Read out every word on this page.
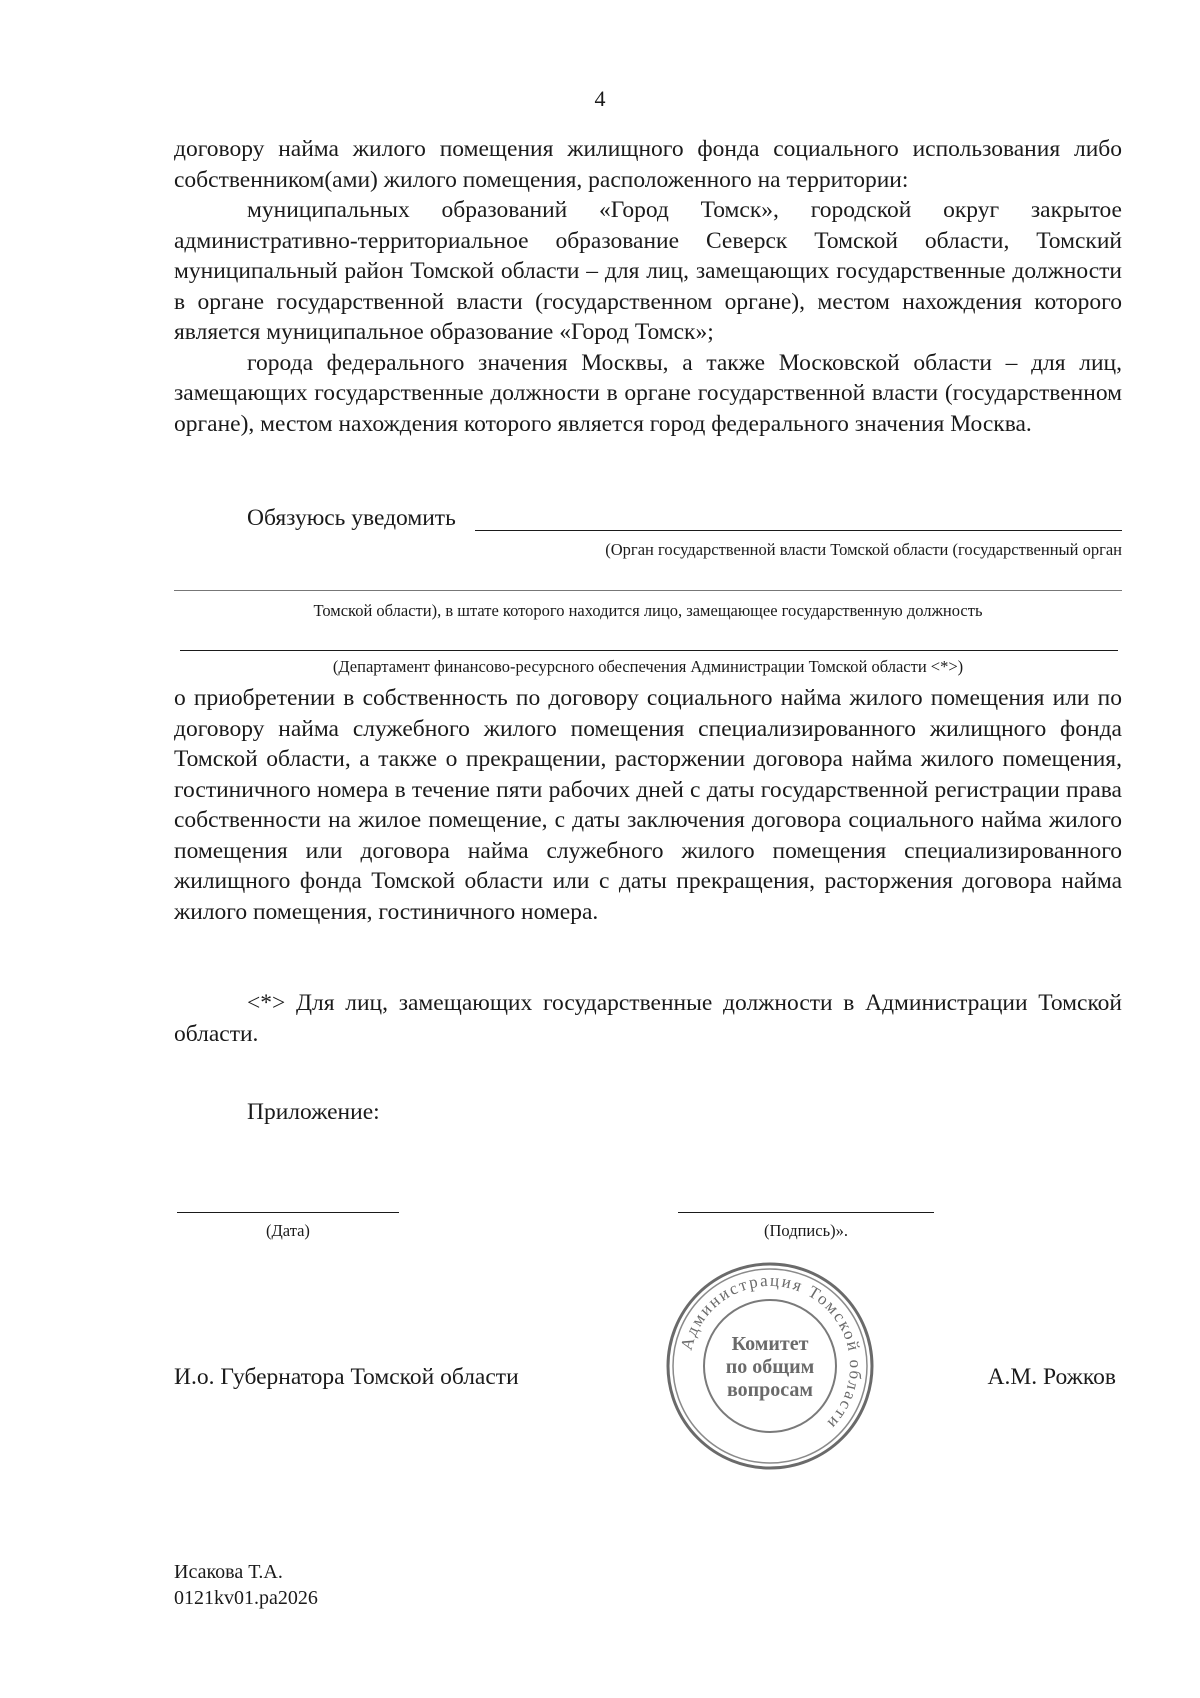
4

договору найма жилого помещения жилищного фонда социального использования либо собственником(ами) жилого помещения, расположенного на территории:

муниципальных образований «Город Томск», городской округ закрытое административно-территориальное образование Северск Томской области, Томский муниципальный район Томской области – для лиц, замещающих государственные должности в органе государственной власти (государственном органе), местом нахождения которого является муниципальное образование «Город Томск»;

города федерального значения Москвы, а также Московской области – для лиц, замещающих государственные должности в органе государственной власти (государственном органе), местом нахождения которого является город федерального значения Москва.

Обязуюсь уведомить
(Орган государственной власти Томской области (государственный орган
Томской области), в штате которого находится лицо, замещающее государственную должность
(Департамент финансово-ресурсного обеспечения Администрации Томской области <*>)

о приобретении в собственность по договору социального найма жилого помещения или по договору найма служебного жилого помещения специализированного жилищного фонда Томской области, а также о прекращении, расторжении договора найма жилого помещения, гостиничного номера в течение пяти рабочих дней с даты государственной регистрации права собственности на жилое помещение, с даты заключения договора социального найма жилого помещения или договора найма служебного жилого помещения специализированного жилищного фонда Томской области или с даты прекращения, расторжения договора найма жилого помещения, гостиничного номера.

<*> Для лиц, замещающих государственные должности в Администрации Томской области.

Приложение:
(Дата)	(Подпись)».
И.о. Губернатора Томской области	А.М. Рожков
Администрация Томской области
Комитет
по общим
вопросам
Исакова Т.А.
0121kv01.pa2026
